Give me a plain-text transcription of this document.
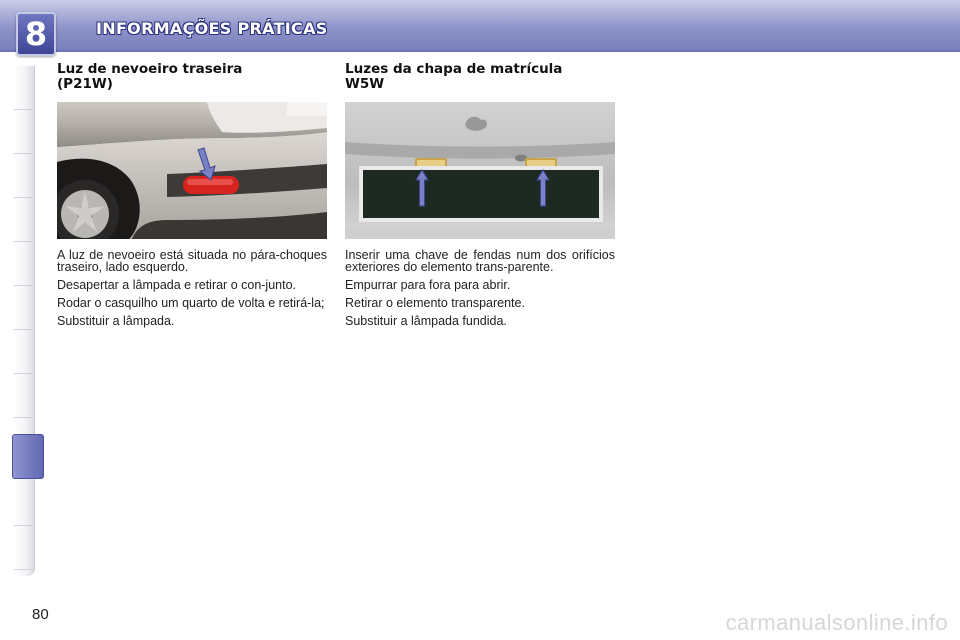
8	INFORMAÇÕES PRÁTICAS
Luz de nevoeiro traseira
(P21W)

A luz de nevoeiro está situada no pára-choques traseiro, lado esquerdo.

Desapertar a lâmpada e retirar o con-junto.

Rodar o casquilho um quarto de volta e retirá-la;

Substituir a lâmpada.

Luzes da chapa de matrícula
W5W

Inserir uma chave de fendas num dos orifícios exteriores do elemento trans-parente.

Empurrar para fora para abrir.

Retirar o elemento transparente.

Substituir a lâmpada fundida.

80	carmanualsonline.info
